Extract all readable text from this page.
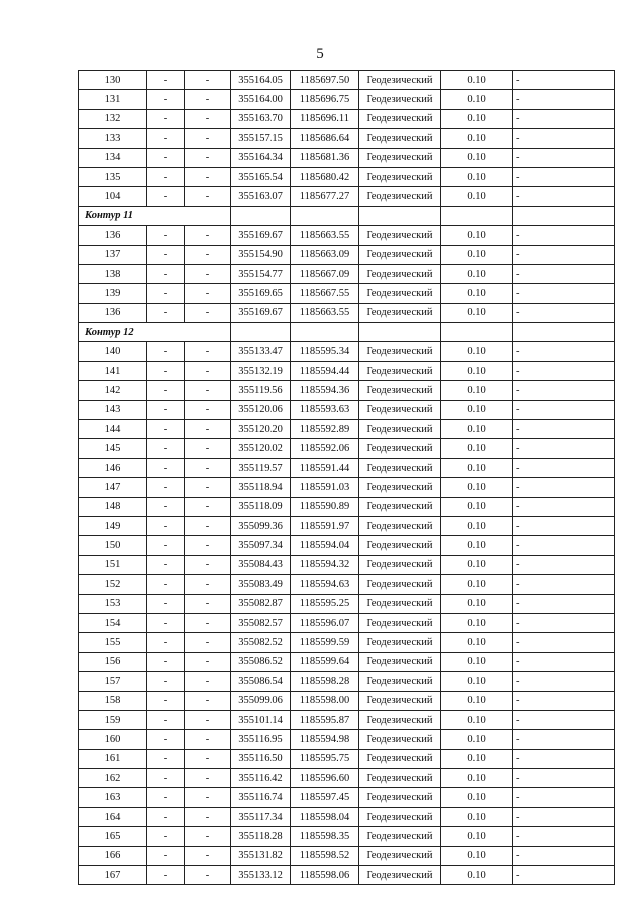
5
130	-	-	355164.05	1185697.50	Геодезический	0.10	-
131	-	-	355164.00	1185696.75	Геодезический	0.10	-
132	-	-	355163.70	1185696.11	Геодезический	0.10	-
133	-	-	355157.15	1185686.64	Геодезический	0.10	-
134	-	-	355164.34	1185681.36	Геодезический	0.10	-
135	-	-	355165.54	1185680.42	Геодезический	0.10	-
104	-	-	355163.07	1185677.27	Геодезический	0.10	-
Контур 11							
136	-	-	355169.67	1185663.55	Геодезический	0.10	-
137	-	-	355154.90	1185663.09	Геодезический	0.10	-
138	-	-	355154.77	1185667.09	Геодезический	0.10	-
139	-	-	355169.65	1185667.55	Геодезический	0.10	-
136	-	-	355169.67	1185663.55	Геодезический	0.10	-
Контур 12							
140	-	-	355133.47	1185595.34	Геодезический	0.10	-
141	-	-	355132.19	1185594.44	Геодезический	0.10	-
142	-	-	355119.56	1185594.36	Геодезический	0.10	-
143	-	-	355120.06	1185593.63	Геодезический	0.10	-
144	-	-	355120.20	1185592.89	Геодезический	0.10	-
145	-	-	355120.02	1185592.06	Геодезический	0.10	-
146	-	-	355119.57	1185591.44	Геодезический	0.10	-
147	-	-	355118.94	1185591.03	Геодезический	0.10	-
148	-	-	355118.09	1185590.89	Геодезический	0.10	-
149	-	-	355099.36	1185591.97	Геодезический	0.10	-
150	-	-	355097.34	1185594.04	Геодезический	0.10	-
151	-	-	355084.43	1185594.32	Геодезический	0.10	-
152	-	-	355083.49	1185594.63	Геодезический	0.10	-
153	-	-	355082.87	1185595.25	Геодезический	0.10	-
154	-	-	355082.57	1185596.07	Геодезический	0.10	-
155	-	-	355082.52	1185599.59	Геодезический	0.10	-
156	-	-	355086.52	1185599.64	Геодезический	0.10	-
157	-	-	355086.54	1185598.28	Геодезический	0.10	-
158	-	-	355099.06	1185598.00	Геодезический	0.10	-
159	-	-	355101.14	1185595.87	Геодезический	0.10	-
160	-	-	355116.95	1185594.98	Геодезический	0.10	-
161	-	-	355116.50	1185595.75	Геодезический	0.10	-
162	-	-	355116.42	1185596.60	Геодезический	0.10	-
163	-	-	355116.74	1185597.45	Геодезический	0.10	-
164	-	-	355117.34	1185598.04	Геодезический	0.10	-
165	-	-	355118.28	1185598.35	Геодезический	0.10	-
166	-	-	355131.82	1185598.52	Геодезический	0.10	-
167	-	-	355133.12	1185598.06	Геодезический	0.10	-
